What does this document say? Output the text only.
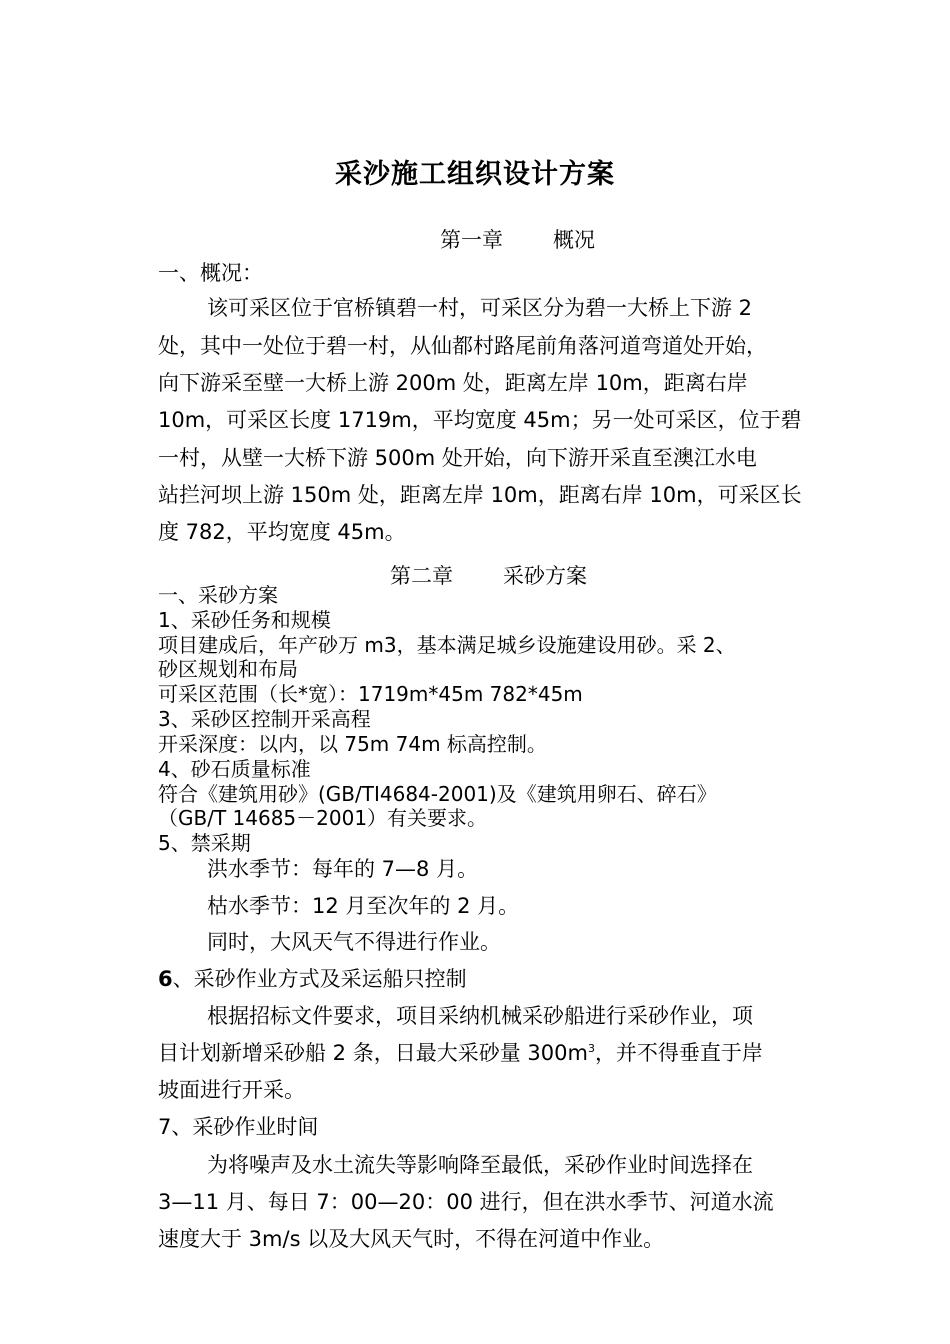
采沙施工组织设计方案
第一章 概况
一、概况：
该可采区位于官桥镇碧一村，可采区分为碧一大桥上下游 2
处，其中一处位于碧一村，从仙都村路尾前角落河道弯道处开始，
向下游采至壁一大桥上游 200m 处，距离左岸 10m，距离右岸
10m，可采区长度 1719m，平均宽度 45m；另一处可采区，位于碧
一村，从壁一大桥下游 500m 处开始，向下游开采直至澳江水电
站拦河坝上游 150m 处，距离左岸 10m，距离右岸 10m，可采区长
度 782，平均宽度 45m。
第二章 采砂方案
一、采砂方案
1、采砂任务和规模
项目建成后，年产砂万 m3，基本满足城乡设施建设用砂。采 2、
砂区规划和布局
可采区范围（长*宽）：1719m*45m 782*45m
3、采砂区控制开采高程
开采深度：以内，以 75m 74m 标高控制。
4、砂石质量标准
符合《建筑用砂》(GB/TI4684-2001)及《建筑用卵石、碎石》
（GB/T 14685－2001）有关要求。
5、禁采期
洪水季节：每年的 7—8 月。
枯水季节：12 月至次年的 2 月。
同时，大风天气不得进行作业。
6、采砂作业方式及采运船只控制
根据招标文件要求，项目采纳机械采砂船进行采砂作业，项
目计划新增采砂船 2 条，日最大采砂量 $300m^3$，并不得垂直于岸
坡面进行开采。
7、采砂作业时间
为将噪声及水土流失等影响降至最低，采砂作业时间选择在
3—11 月、每日 7：00—20：00 进行，但在洪水季节、河道水流
速度大于 3m/s 以及大风天气时，不得在河道中作业。
